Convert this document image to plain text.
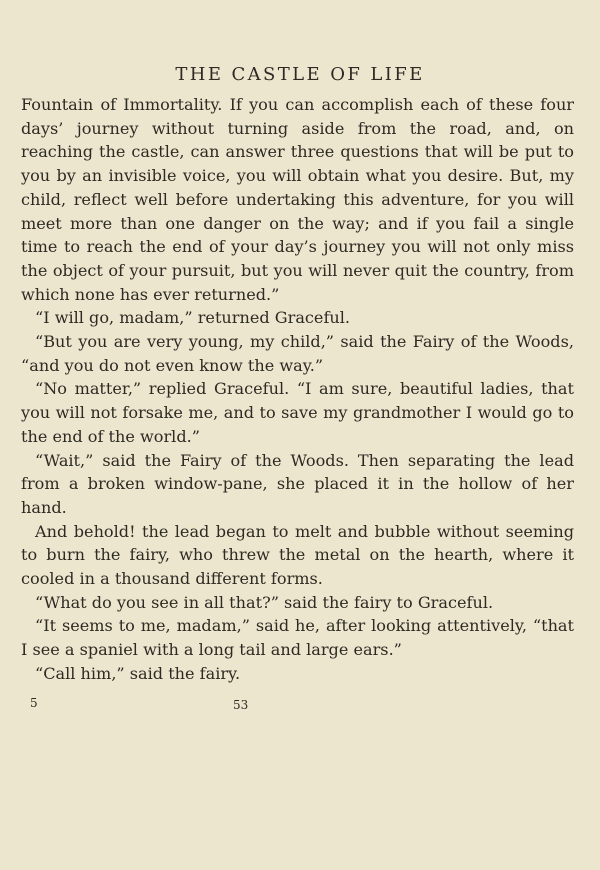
THE CASTLE OF LIFE

Fountain of Immortality. If you can accomplish each of these four days’ journey without turning aside from the road, and, on reaching the castle, can answer three questions that will be put to you by an invisible voice, you will obtain what you desire. But, my child, reflect well before undertaking this adventure, for you will meet more than one danger on the way; and if you fail a single time to reach the end of your day’s journey you will not only miss the object of your pursuit, but you will never quit the country, from which none has ever returned.”

“I will go, madam,” returned Graceful.

“But you are very young, my child,” said the Fairy of the Woods, “and you do not even know the way.”

“No matter,” replied Graceful. “I am sure, beautiful ladies, that you will not forsake me, and to save my grandmother I would go to the end of the world.”

“Wait,” said the Fairy of the Woods. Then separating the lead from a broken window-pane, she placed it in the hollow of her hand.

And behold! the lead began to melt and bubble without seeming to burn the fairy, who threw the metal on the hearth, where it cooled in a thousand different forms.

“What do you see in all that?” said the fairy to Graceful.

“It seems to me, madam,” said he, after looking attentively, “that I see a spaniel with a long tail and large ears.”

“Call him,” said the fairy.

5	53
